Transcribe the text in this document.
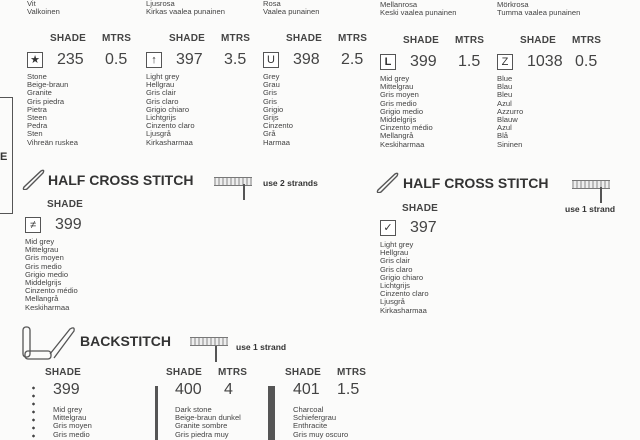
Vit
Valkoinen
Ljusrosa
Kirkas vaalea punainen
Rosa
Vaalea punainen
Mellanrosa
Keski vaalea punainen
Mörkrosa
Tumma vaalea punainen
E
SHADE MTRS
★ 235 0.5
Stone
Beige-braun
Granite
Gris piedra
Pietra
Steen
Pedra
Sten
Vihreän ruskea
SHADE MTRS
↑	397 3.5
Light grey
Hellgrau
Gris clair
Gris claro
Grigio chiaro
Lichtgrijs
Cinzento claro
Ljusgrå
Kirkasharmaa
SHADE MTRS
U 398 2.5
Grey
Grau
Gris
Gris
Grigio
Grijs
Cinzento
Grå
Harmaa
SHADE MTRS
L 399 1.5
Mid grey
Mittelgrau
Gris moyen
Gris medio
Grigio medio
Middelgrijs
Cinzento médio
Mellangrå
Keskiharmaa
SHADE MTRS
Z 1038 0.5
Blue
Blau
Bleu
Azul
Azzurro
Blauw
Azul
Blå
Sininen
HALF CROSS STITCH	use 2 strands
SHADE
≠	399
Mid grey
Mittelgrau
Gris moyen
Gris medio
Grigio medio
Middelgrijs
Cinzento médio
Mellangrå
Keskiharmaa
HALF CROSS STITCH
use 1 strand
SHADE
✓ 397
Light grey
Hellgrau
Gris clair
Gris claro
Grigio chiaro
Lichtgrijs
Cinzento claro
Ljusgrå
Kirkasharmaa
BACKSTITCH	use 1 strand
SHADE
399
Mid grey
Mittelgrau
Gris moyen
Gris medio
SHADE MTRS
400 4
Dark stone
Beige-braun dunkel
Granite sombre
Gris piedra muy
SHADE MTRS
401 1.5
Charcoal
Schiefergrau
Enthracite
Gris muy oscuro
